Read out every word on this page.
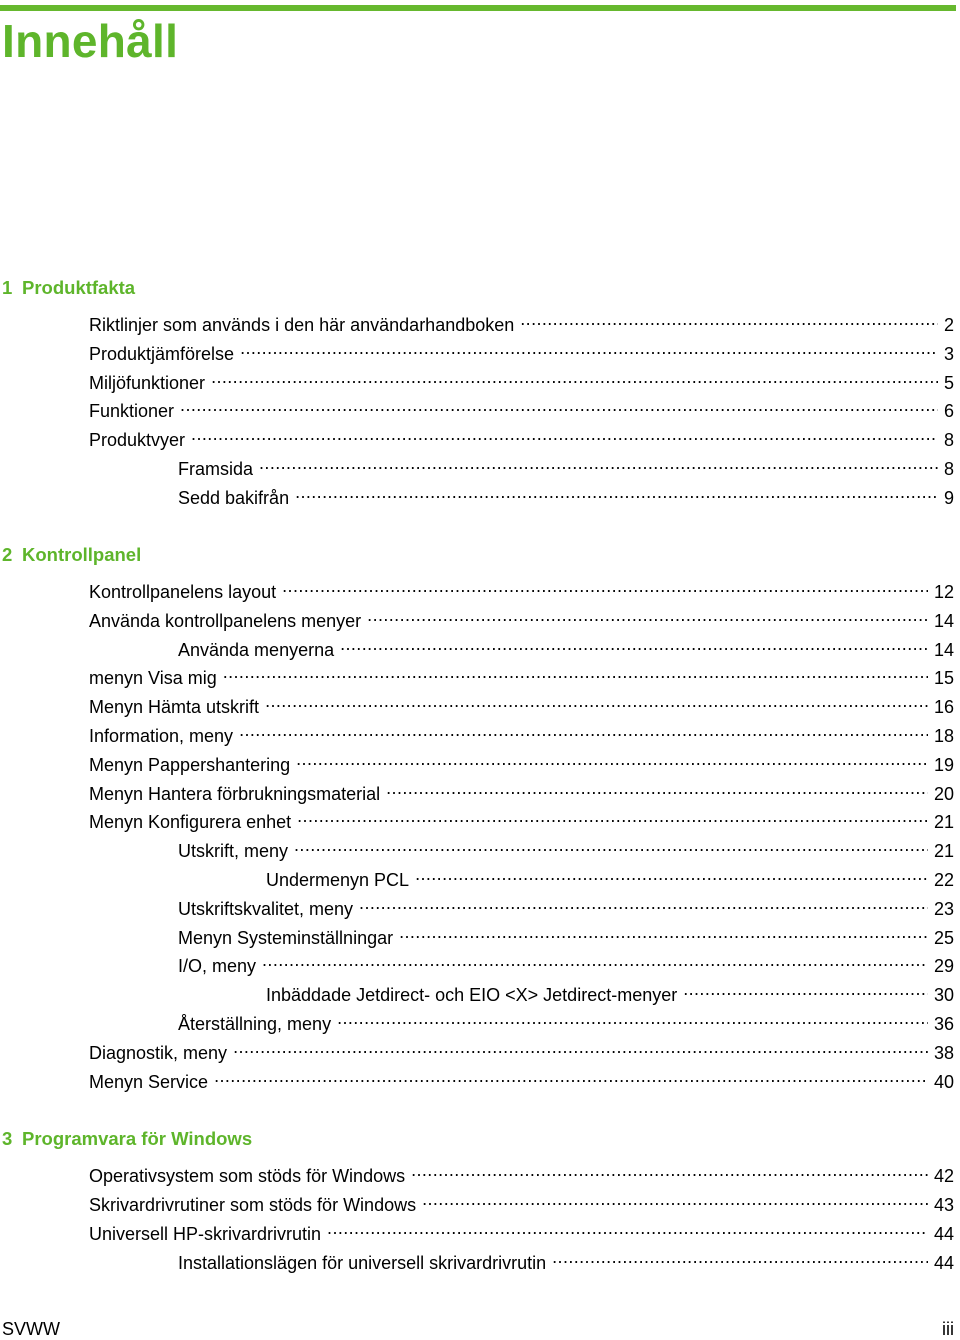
Innehåll
1 Produktfakta
Riktlinjer som används i den här användarhandboken .....	2
Produktjämförelse .....	3
Miljöfunktioner .....	5
Funktioner .....	6
Produktvyer .....	8
Framsida .....	8
Sedd bakifrån .....	9
2 Kontrollpanel
Kontrollpanelens layout .....	12
Använda kontrollpanelens menyer .....	14
Använda menyerna .....	14
menyn Visa mig .....	15
Menyn Hämta utskrift .....	16
Information, meny .....	18
Menyn Pappershantering .....	19
Menyn Hantera förbrukningsmaterial .....	20
Menyn Konfigurera enhet .....	21
Utskrift, meny .....	21
Undermenyn PCL .....	22
Utskriftskvalitet, meny .....	23
Menyn Systeminställningar .....	25
I/O, meny .....	29
Inbäddade Jetdirect- och EIO <X> Jetdirect-menyer .....	30
Återställning, meny .....	36
Diagnostik, meny .....	38
Menyn Service .....	40
3 Programvara för Windows
Operativsystem som stöds för Windows .....	42
Skrivardrivrutiner som stöds för Windows .....	43
Universell HP-skrivardrivrutin .....	44
Installationslägen för universell skrivardrivrutin .....	44
SVWW	iii
